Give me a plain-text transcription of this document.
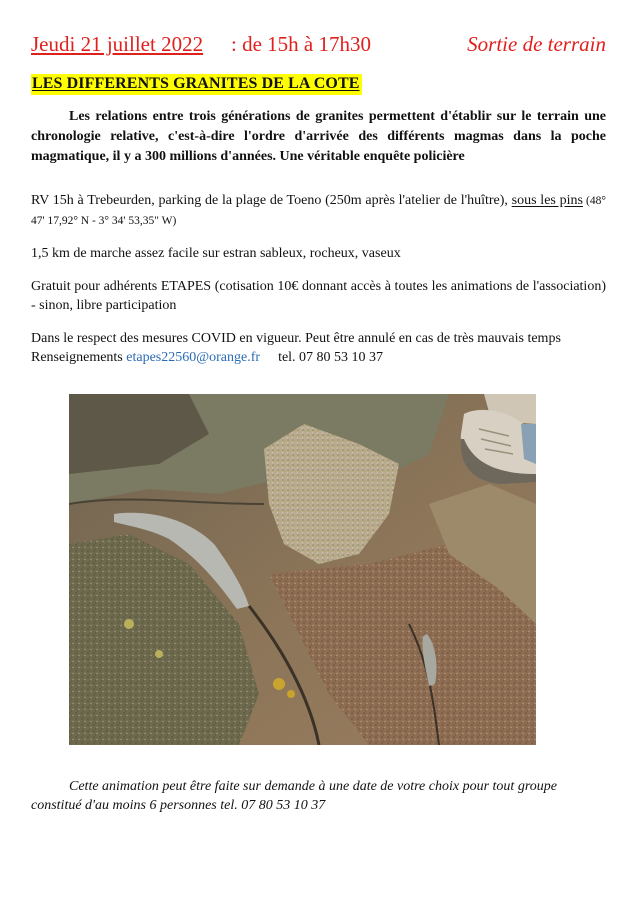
Jeudi 21 juillet 2022 : de 15h à 17h30	Sortie de terrain
LES DIFFERENTS GRANITES DE LA COTE

Les relations entre trois générations de granites permettent d'établir sur le terrain une chronologie relative, c'est-à-dire l'ordre d'arrivée des différents magmas dans la poche magmatique, il y a 300 millions d'années. Une véritable enquête policière

RV 15h à Trebeurden, parking de la plage de Toeno (250m après l'atelier de l'huître), sous les pins (48° 47' 17,92° N - 3° 34' 53,35" W)

1,5 km de marche assez facile sur estran sableux, rocheux, vaseux

Gratuit pour adhérents ETAPES (cotisation 10€ donnant accès à toutes les animations de l'association) - sinon, libre participation

Dans le respect des mesures COVID en vigueur. Peut être annulé en cas de très mauvais temps
Renseignements etapes22560@orange.fr tel. 07 80 53 10 37

Cette animation peut être faite sur demande à une date de votre choix pour tout groupe constitué d'au moins 6 personnes tel. 07 80 53 10 37
